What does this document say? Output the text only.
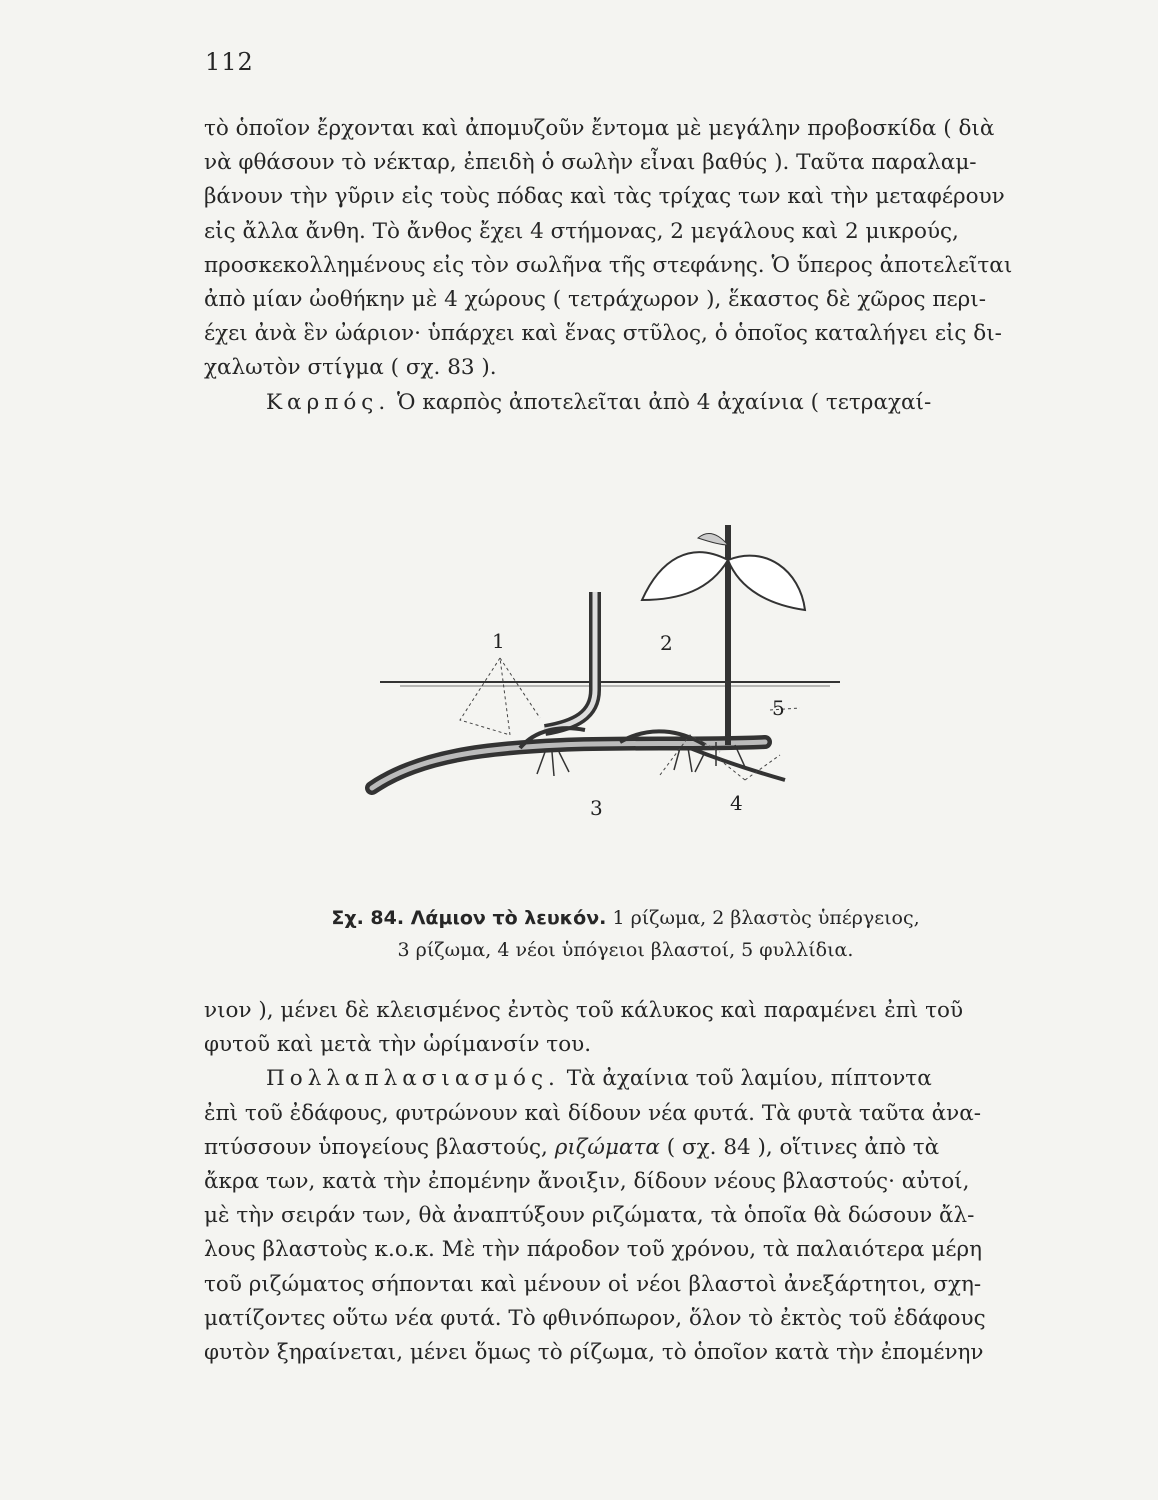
112

τὸ ὁποῖον ἔρχονται καὶ ἀπομυζοῦν ἔντομα μὲ μεγάλην προβοσκίδα ( διὰ

νὰ φθάσουν τὸ νέκταρ, ἐπειδὴ ὁ σωλὴν εἶναι βαθύς ). Ταῦτα παραλαμ-

βάνουν τὴν γῦριν εἰς τοὺς πόδας καὶ τὰς τρίχας των καὶ τὴν μεταφέρουν

εἰς ἄλλα ἄνθη. Τὸ ἄνθος ἔχει 4 στήμονας, 2 μεγάλους καὶ 2 μικρούς,

προσκεκολλημένους εἰς τὸν σωλῆνα τῆς στεφάνης. Ὁ ὕπερος ἀποτελεῖται

ἀπὸ μίαν ὠοθήκην μὲ 4 χώρους ( τετράχωρον ), ἕκαστος δὲ χῶρος περι-

έχει ἀνὰ ἓν ὠάριον· ὑπάρχει καὶ ἕνας στῦλος, ὁ ὁποῖος καταλήγει εἰς δι-

χαλωτὸν στίγμα ( σχ. 83 ).

Καρπός. Ὁ καρπὸς ἀποτελεῖται ἀπὸ 4 ἀχαίνια ( τετραχαί-

1	2
3	4
5
Σχ. 84. Λάμιον τὸ λευκόν. 1 ρίζωμα, 2 βλαστὸς ὑπέργειος,
3 ρίζωμα, 4 νέοι ὑπόγειοι βλαστοί, 5 φυλλίδια.

νιον ), μένει δὲ κλεισμένος ἐντὸς τοῦ κάλυκος καὶ παραμένει ἐπὶ τοῦ

φυτοῦ καὶ μετὰ τὴν ὡρίμανσίν του.

Πολλαπλασιασμός. Τὰ ἀχαίνια τοῦ λαμίου, πίπτοντα

ἐπὶ τοῦ ἐδάφους, φυτρώνουν καὶ δίδουν νέα φυτά. Τὰ φυτὰ ταῦτα ἀνα-

πτύσσουν ὑπογείους βλαστούς, ριζώματα ( σχ. 84 ), οἵτινες ἀπὸ τὰ

ἄκρα των, κατὰ τὴν ἐπομένην ἄνοιξιν, δίδουν νέους βλαστούς· αὐτοί,

μὲ τὴν σειράν των, θὰ ἀναπτύξουν ριζώματα, τὰ ὁποῖα θὰ δώσουν ἄλ-

λους βλαστοὺς κ.ο.κ. Μὲ τὴν πάροδον τοῦ χρόνου, τὰ παλαιότερα μέρη

τοῦ ριζώματος σήπονται καὶ μένουν οἱ νέοι βλαστοὶ ἀνεξάρτητοι, σχη-

ματίζοντες οὕτω νέα φυτά. Τὸ φθινόπωρον, ὅλον τὸ ἐκτὸς τοῦ ἐδάφους

φυτὸν ξηραίνεται, μένει ὅμως τὸ ρίζωμα, τὸ ὁποῖον κατὰ τὴν ἐπομένην
